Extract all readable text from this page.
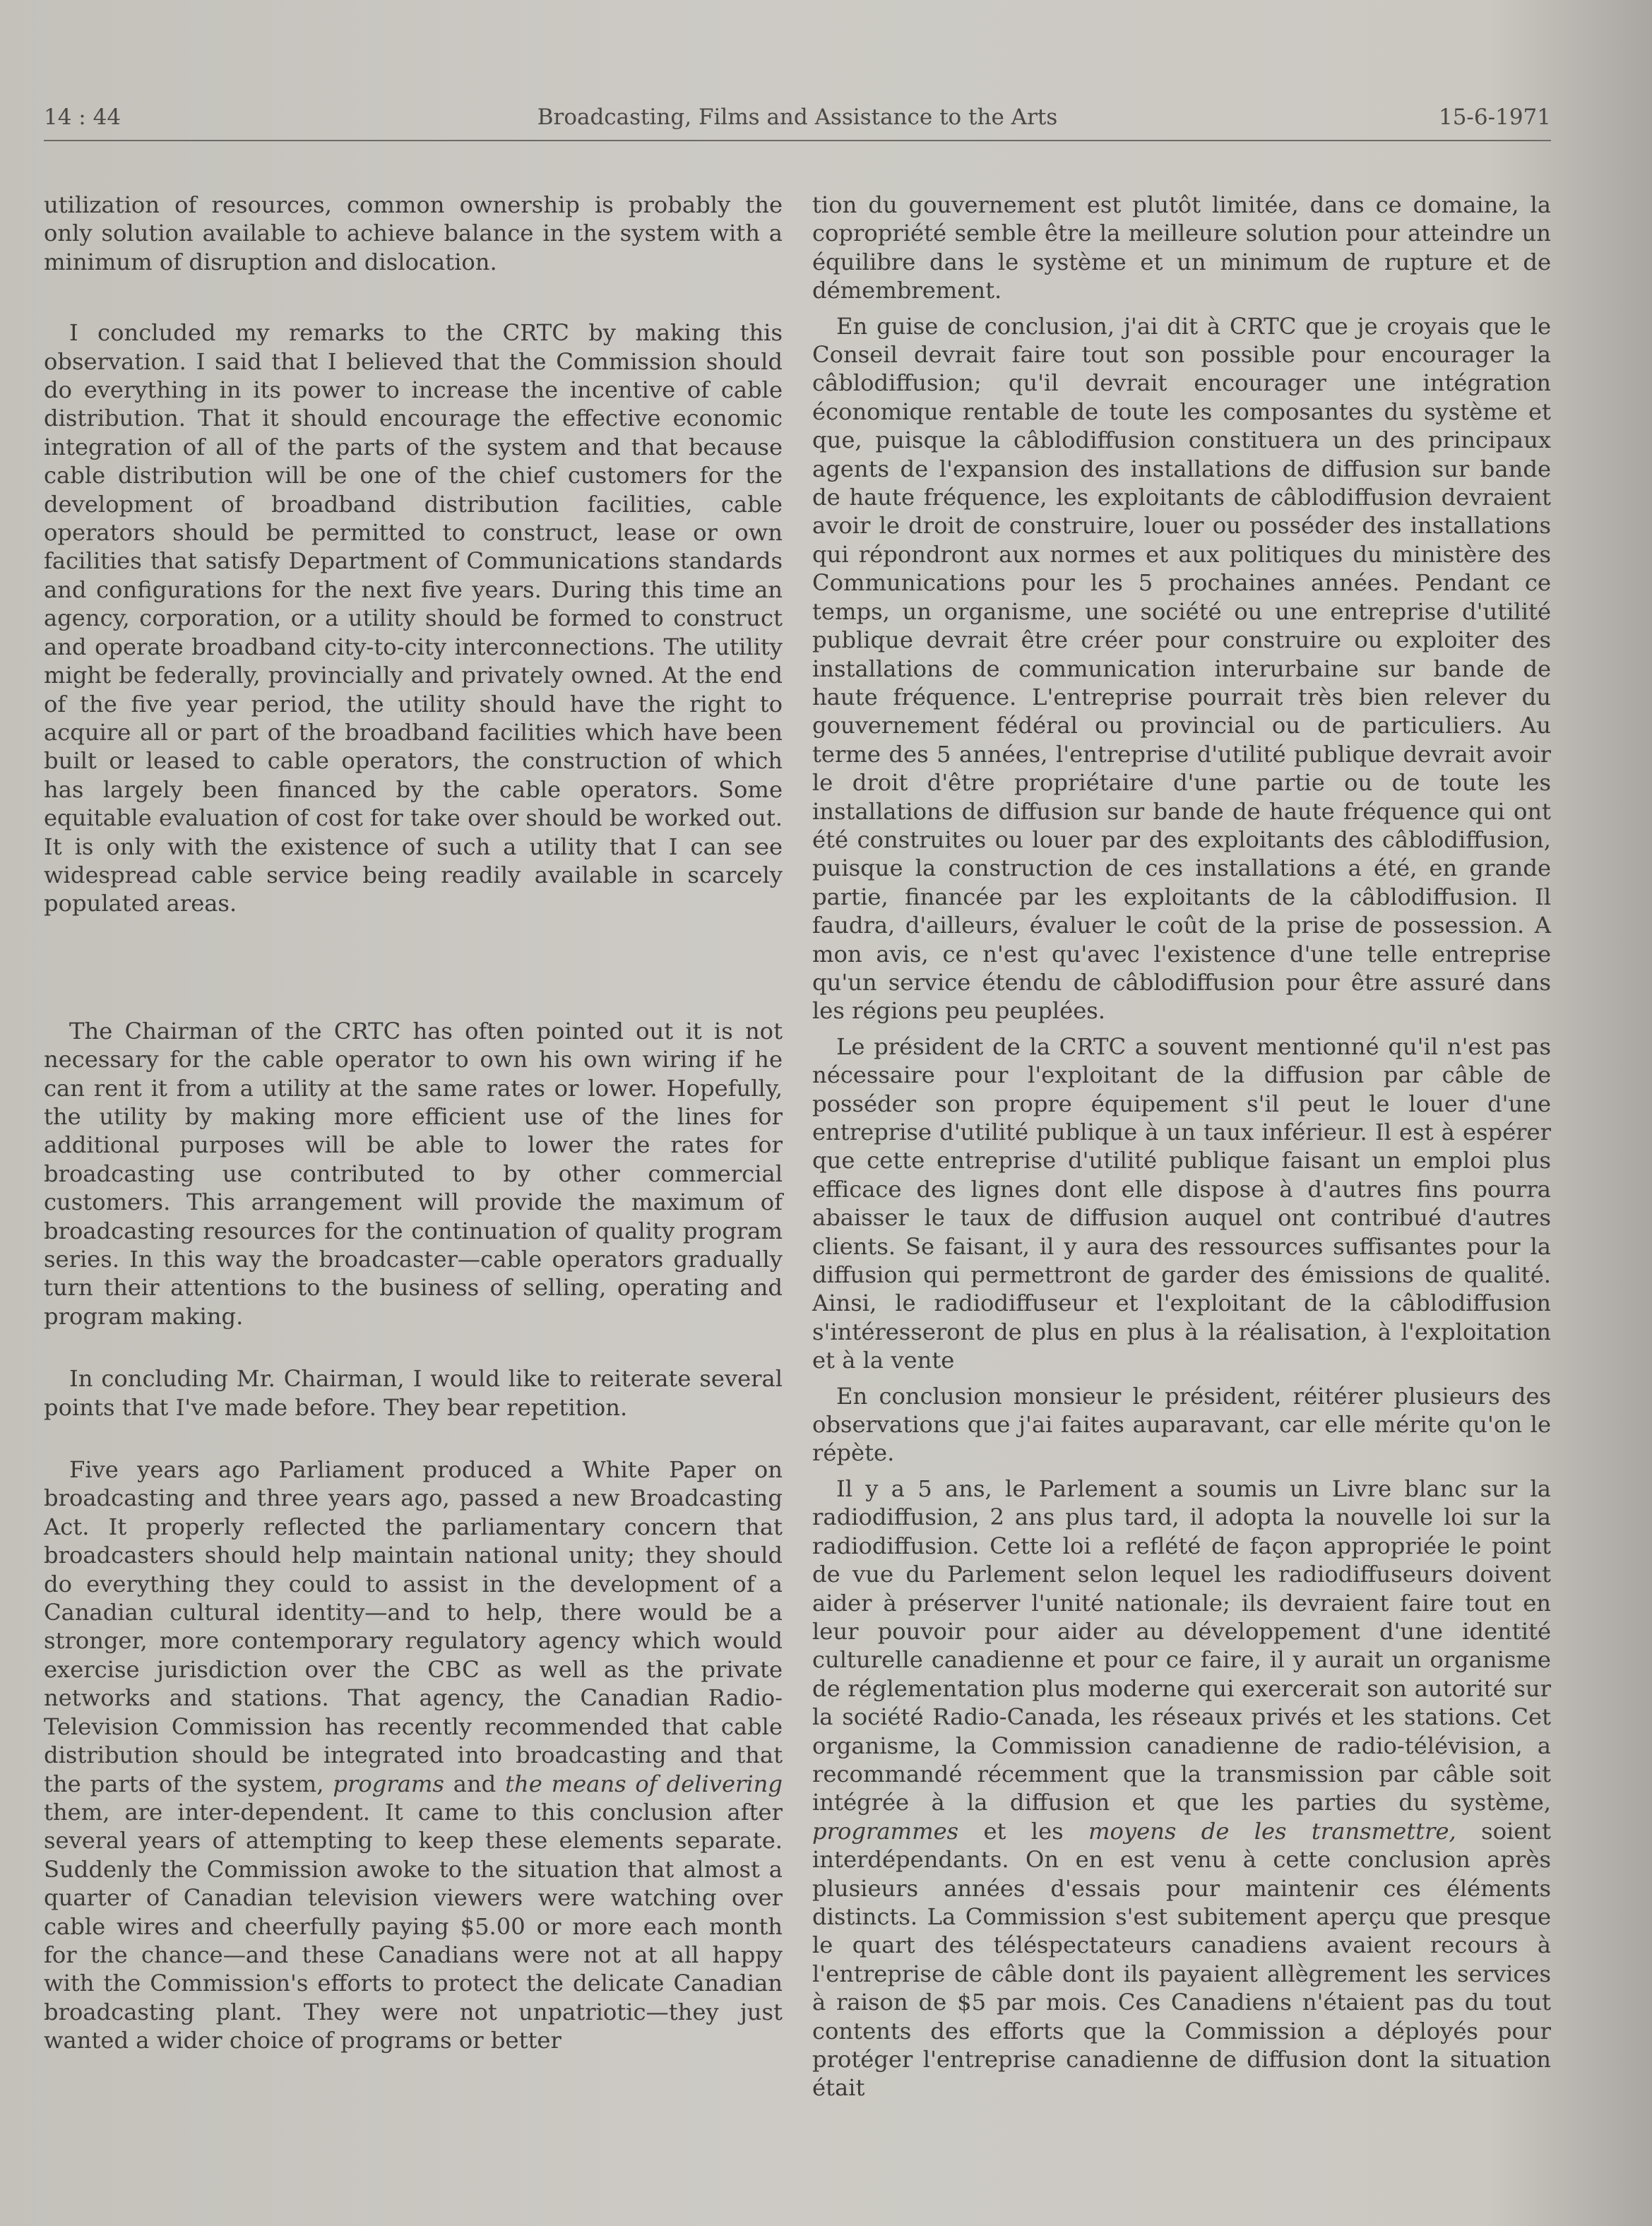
14 : 44	Broadcasting, Films and Assistance to the Arts	15-6-1971

utilization of resources, common ownership is probably the only solution available to achieve balance in the system with a minimum of disruption and dislocation.

I concluded my remarks to the CRTC by making this observation. I said that I believed that the Commission should do everything in its power to increase the incentive of cable distribution. That it should encourage the effective economic integration of all of the parts of the system and that because cable distribution will be one of the chief customers for the development of broadband distribution facilities, cable operators should be permitted to construct, lease or own facilities that satisfy Department of Communications standards and configurations for the next five years. During this time an agency, corporation, or a utility should be formed to construct and operate broadband city-to-city interconnections. The utility might be federally, provincially and privately owned. At the end of the five year period, the utility should have the right to acquire all or part of the broadband facilities which have been built or leased to cable operators, the construction of which has largely been financed by the cable operators. Some equitable evaluation of cost for take over should be worked out. It is only with the existence of such a utility that I can see widespread cable service being readily available in scarcely populated areas.

The Chairman of the CRTC has often pointed out it is not necessary for the cable operator to own his own wiring if he can rent it from a utility at the same rates or lower. Hopefully, the utility by making more efficient use of the lines for additional purposes will be able to lower the rates for broadcasting use contributed to by other commercial customers. This arrangement will provide the maximum of broadcasting resources for the continuation of quality program series. In this way the broadcaster—cable operators gradually turn their attentions to the business of selling, operating and program making.

In concluding Mr. Chairman, I would like to reiterate several points that I've made before. They bear repetition.

Five years ago Parliament produced a White Paper on broadcasting and three years ago, passed a new Broadcasting Act. It properly reflected the parliamentary concern that broadcasters should help maintain national unity; they should do everything they could to assist in the development of a Canadian cultural identity—and to help, there would be a stronger, more contemporary regulatory agency which would exercise jurisdiction over the CBC as well as the private networks and stations. That agency, the Canadian Radio-Television Commission has recently recommended that cable distribution should be integrated into broadcasting and that the parts of the system, programs and the means of delivering them, are inter-dependent. It came to this conclusion after several years of attempting to keep these elements separate. Suddenly the Commission awoke to the situation that almost a quarter of Canadian television viewers were watching over cable wires and cheerfully paying $5.00 or more each month for the chance—and these Canadians were not at all happy with the Commission's efforts to protect the delicate Canadian broadcasting plant. They were not unpatriotic—they just wanted a wider choice of programs or better

tion du gouvernement est plutôt limitée, dans ce domaine, la copropriété semble être la meilleure solution pour atteindre un équilibre dans le système et un minimum de rupture et de démembrement.

En guise de conclusion, j'ai dit à CRTC que je croyais que le Conseil devrait faire tout son possible pour encourager la câblodiffusion; qu'il devrait encourager une intégration économique rentable de toute les composantes du système et que, puisque la câblodiffusion constituera un des principaux agents de l'expansion des installations de diffusion sur bande de haute fréquence, les exploitants de câblodiffusion devraient avoir le droit de construire, louer ou posséder des installations qui répondront aux normes et aux politiques du ministère des Communications pour les 5 prochaines années. Pendant ce temps, un organisme, une société ou une entreprise d'utilité publique devrait être créer pour construire ou exploiter des installations de communication interurbaine sur bande de haute fréquence. L'entreprise pourrait très bien relever du gouvernement fédéral ou provincial ou de particuliers. Au terme des 5 années, l'entreprise d'utilité publique devrait avoir le droit d'être propriétaire d'une partie ou de toute les installations de diffusion sur bande de haute fréquence qui ont été construites ou louer par des exploitants des câblodiffusion, puisque la construction de ces installations a été, en grande partie, financée par les exploitants de la câblodiffusion. Il faudra, d'ailleurs, évaluer le coût de la prise de possession. A mon avis, ce n'est qu'avec l'existence d'une telle entreprise qu'un service étendu de câblodiffusion pour être assuré dans les régions peu peuplées.

Le président de la CRTC a souvent mentionné qu'il n'est pas nécessaire pour l'exploitant de la diffusion par câble de posséder son propre équipement s'il peut le louer d'une entreprise d'utilité publique à un taux inférieur. Il est à espérer que cette entreprise d'utilité publique faisant un emploi plus efficace des lignes dont elle dispose à d'autres fins pourra abaisser le taux de diffusion auquel ont contribué d'autres clients. Se faisant, il y aura des ressources suffisantes pour la diffusion qui permettront de garder des émissions de qualité. Ainsi, le radiodiffuseur et l'exploitant de la câblodiffusion s'intéresseront de plus en plus à la réalisation, à l'exploitation et à la vente

En conclusion monsieur le président, réitérer plusieurs des observations que j'ai faites auparavant, car elle mérite qu'on le répète.

Il y a 5 ans, le Parlement a soumis un Livre blanc sur la radiodiffusion, 2 ans plus tard, il adopta la nouvelle loi sur la radiodiffusion. Cette loi a reflété de façon appropriée le point de vue du Parlement selon lequel les radiodiffuseurs doivent aider à préserver l'unité nationale; ils devraient faire tout en leur pouvoir pour aider au développement d'une identité culturelle canadienne et pour ce faire, il y aurait un organisme de réglementation plus moderne qui exercerait son autorité sur la société Radio-Canada, les réseaux privés et les stations. Cet organisme, la Commission canadienne de radio-télévision, a recommandé récemment que la transmission par câble soit intégrée à la diffusion et que les parties du système, programmes et les moyens de les transmettre, soient interdépendants. On en est venu à cette conclusion après plusieurs années d'essais pour maintenir ces éléments distincts. La Commission s'est subitement aperçu que presque le quart des téléspectateurs canadiens avaient recours à l'entreprise de câble dont ils payaient allègrement les services à raison de $5 par mois. Ces Canadiens n'étaient pas du tout contents des efforts que la Commission a déployés pour protéger l'entreprise canadienne de diffusion dont la situation était
